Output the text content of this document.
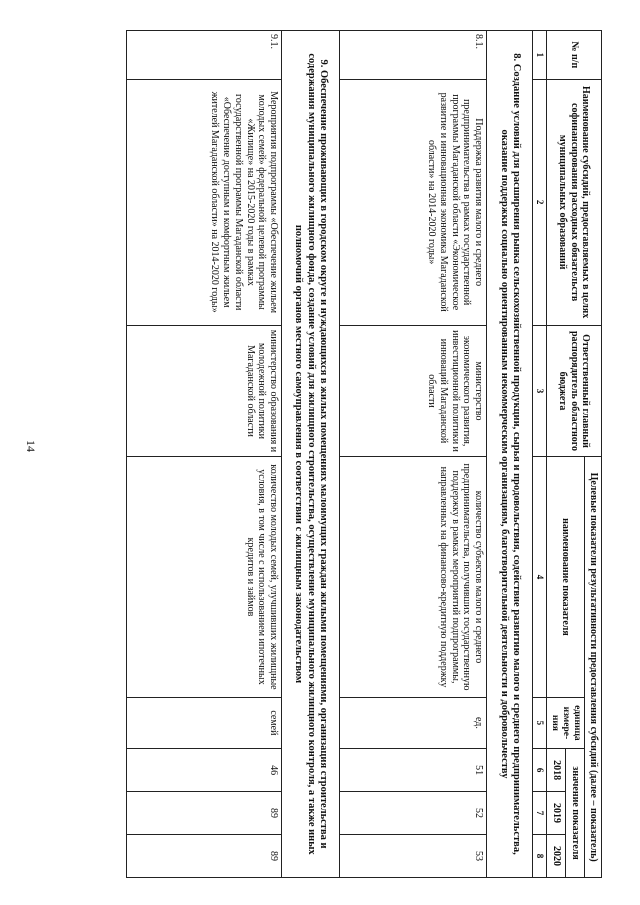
14
№ п/п	Наименование субсидий, предоставляемых в целях софинансирования расходных обязательств муниципальных образований	Ответственный главный распорядитель областного бюджета	Целевые показатели результативности предоставления субсидий (далее – показатель)				
			наименование показателя	единица измере-ния	значение показателя		
					2018	2019	2020
1	2	3	4	5	6	7	8
8. Создание условий для расширения рынка сельскохозяйственной продукции, сырья и продовольствия, содействие развитию малого и среднего предпринимательства, оказание поддержки социально ориентированным некоммерческим организациям, благотворительной деятельности и добровольчеству							
8.1.	Поддержка развития малого и среднего предпринимательства в рамках государственной программы Магаданской области «Экономическое развитие и инновационная экономика Магаданской области» на 2014-2020 годы»	министерство экономического развития, инвестиционной политики и инноваций Магаданской области	количество субъектов малого и среднего предпринимательства, получивших государственную поддержку в рамках мероприятий подпрограммы, направленных на финансово-кредитную поддержку	ед.	51	52	53
9. Обеспечение проживающих в городском округе и нуждающихся в жилых помещениях малоимущих граждан жилыми помещениями, организация строительства и содержания муниципального жилищного фонда, создание условий для жилищного строительства, осуществление муниципального жилищного контроля, а также иных полномочий органов местного самоуправления в соответствии с жилищным законодательством							
9.1.	Мероприятия подпрограммы «Обеспечение жильем молодых семей» федеральной целевой программы «Жилище» на 2015-2020 годы в рамках государственной программы Магаданской области «Обеспечение доступным и комфортным жильем жителей Магаданской области» на 2014-2020 годы»	министерство образования и молодежной политики Магаданской области	количество молодых семей, улучшивших жилищные условия, в том числе с использованием ипотечных кредитов и займов	семей	46	89	89
